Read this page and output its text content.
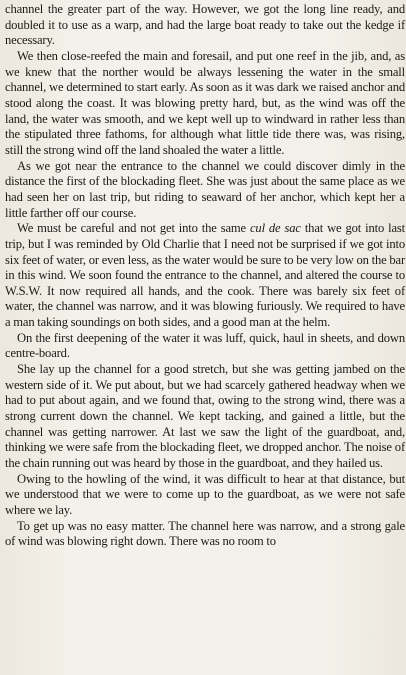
channel the greater part of the way. However, we got the long line ready, and doubled it to use as a warp, and had the large boat ready to take out the kedge if necessary.

We then close-reefed the main and foresail, and put one reef in the jib, and, as we knew that the norther would be always lessening the water in the small channel, we determined to start early. As soon as it was dark we raised anchor and stood along the coast. It was blowing pretty hard, but, as the wind was off the land, the water was smooth, and we kept well up to windward in rather less than the stipulated three fathoms, for although what little tide there was, was rising, still the strong wind off the land shoaled the water a little.

As we got near the entrance to the channel we could discover dimly in the distance the first of the blockading fleet. She was just about the same place as we had seen her on last trip, but riding to seaward of her anchor, which kept her a little farther off our course.

We must be careful and not get into the same cul de sac that we got into last trip, but I was reminded by Old Charlie that I need not be surprised if we got into six feet of water, or even less, as the water would be sure to be very low on the bar in this wind. We soon found the entrance to the channel, and altered the course to W.S.W. It now required all hands, and the cook. There was barely six feet of water, the channel was narrow, and it was blowing furiously. We required to have a man taking soundings on both sides, and a good man at the helm.

On the first deepening of the water it was luff, quick, haul in sheets, and down centre-board.

She lay up the channel for a good stretch, but she was getting jambed on the western side of it. We put about, but we had scarcely gathered headway when we had to put about again, and we found that, owing to the strong wind, there was a strong current down the channel. We kept tacking, and gained a little, but the channel was getting narrower. At last we saw the light of the guardboat, and, thinking we were safe from the blockading fleet, we dropped anchor. The noise of the chain running out was heard by those in the guardboat, and they hailed us.

Owing to the howling of the wind, it was difficult to hear at that distance, but we understood that we were to come up to the guardboat, as we were not safe where we lay.

To get up was no easy matter. The channel here was narrow, and a strong gale of wind was blowing right down. There was no room to
